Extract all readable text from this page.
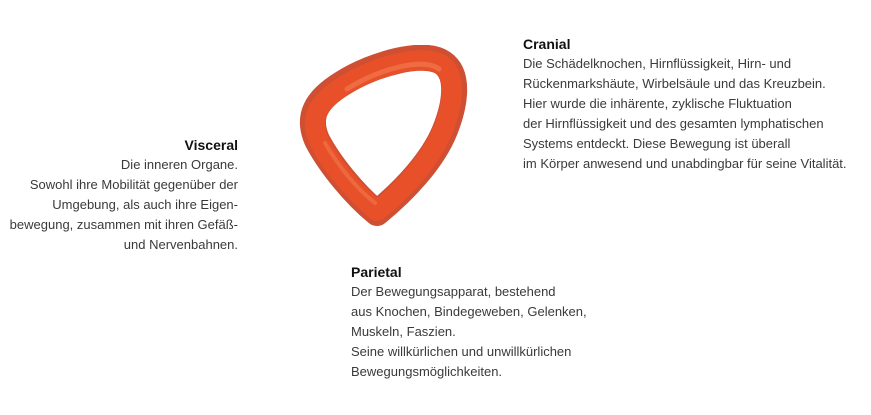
Visceral
Die inneren Organe.
Sowohl ihre Mobilität gegenüber der
Umgebung, als auch ihre Eigen-
bewegung, zusammen mit ihren Gefäß-
und Nervenbahnen.
Cranial
Die Schädelknochen, Hirnflüssigkeit, Hirn- und
Rückenmarkshäute, Wirbelsäule und das Kreuzbein.
Hier wurde die inhärente, zyklische Fluktuation
der Hirnflüssigkeit und des gesamten lymphatischen
Systems entdeckt. Diese Bewegung ist überall
im Körper anwesend und unabdingbar für seine Vitalität.
Parietal
Der Bewegungsapparat, bestehend
aus Knochen, Bindegeweben, Gelenken,
Muskeln, Faszien.
Seine willkürlichen und unwillkürlichen
Bewegungsmöglichkeiten.
